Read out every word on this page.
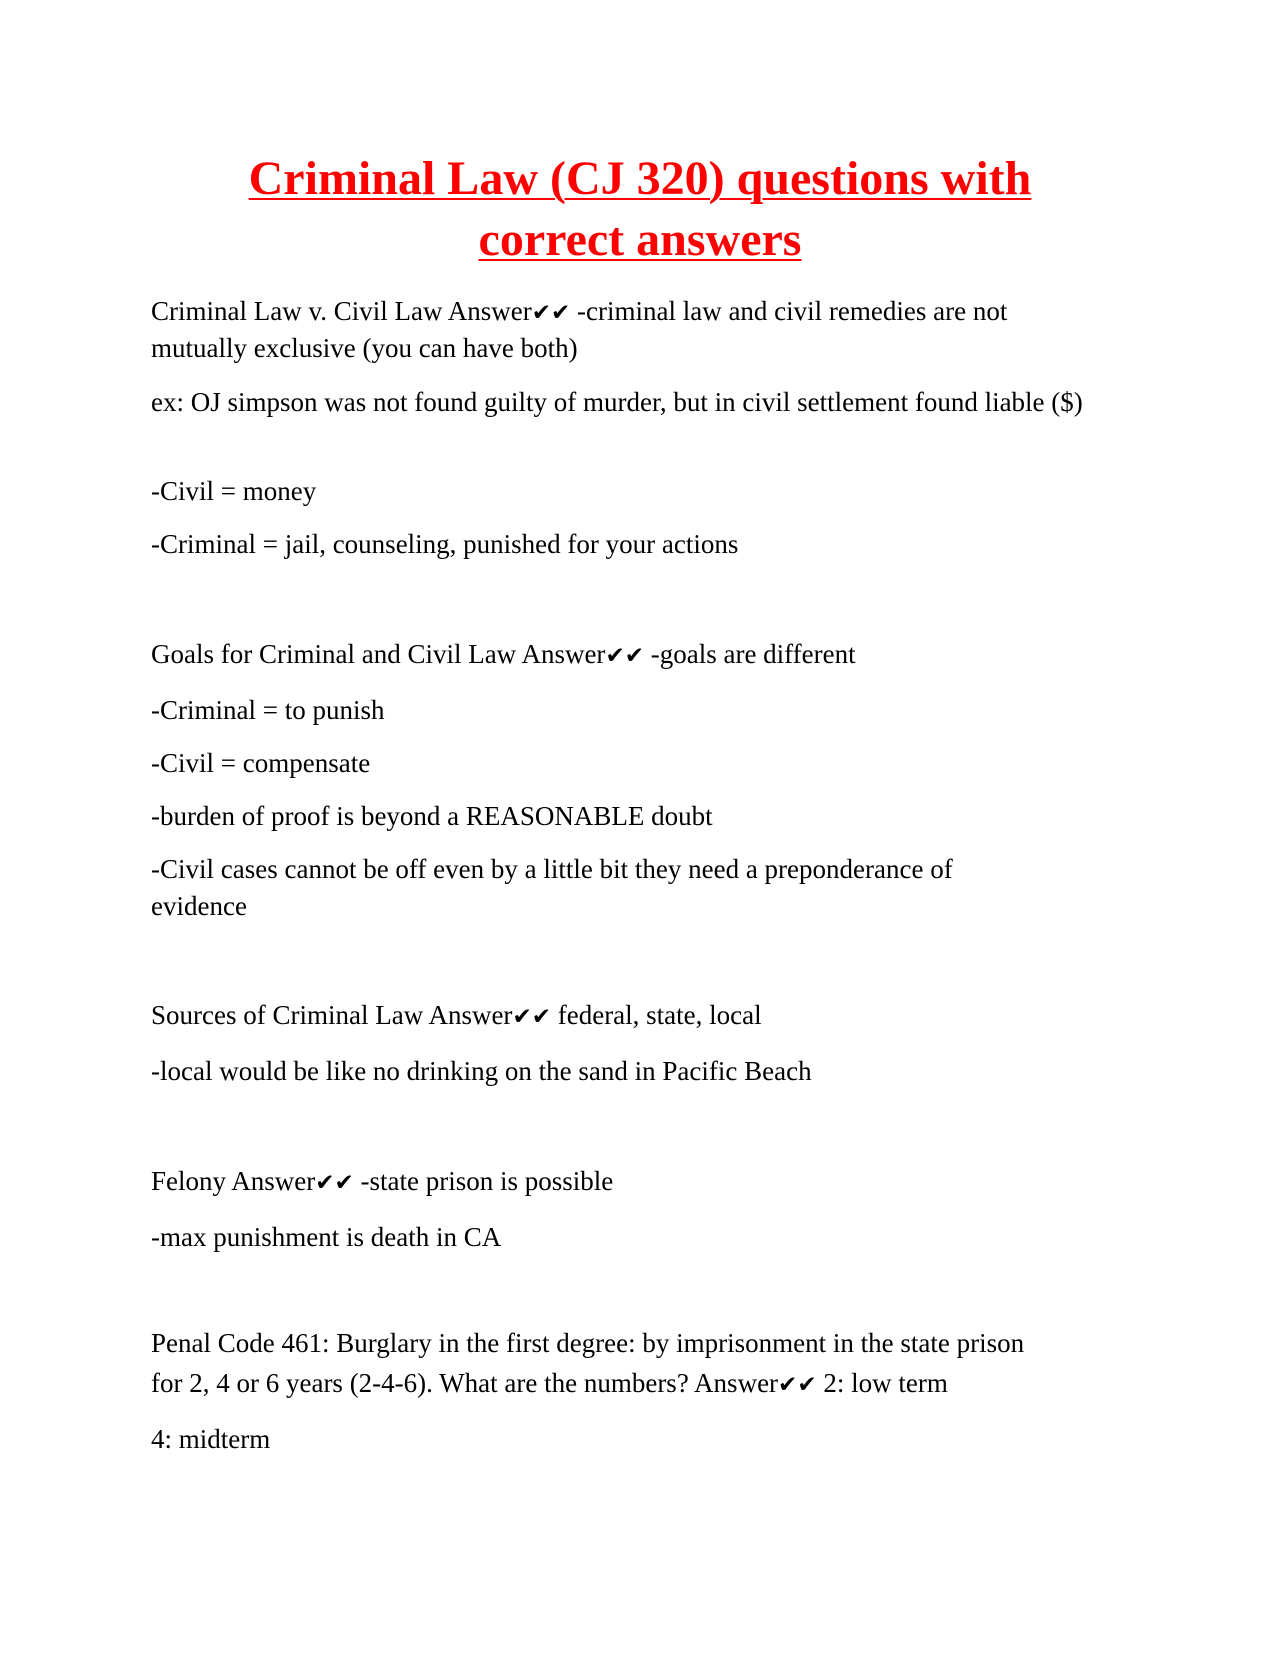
Criminal Law (CJ 320) questions with
correct answers

Criminal Law v. Civil Law Answer✔✔ -criminal law and civil remedies are not

mutually exclusive (you can have both)

ex: OJ simpson was not found guilty of murder, but in civil settlement found liable ($)

-Civil = money

-Criminal = jail, counseling, punished for your actions

Goals for Criminal and Civil Law Answer✔✔ -goals are different

-Criminal = to punish

-Civil = compensate

-burden of proof is beyond a REASONABLE doubt

-Civil cases cannot be off even by a little bit they need a preponderance of evidence

Sources of Criminal Law Answer✔✔ federal, state, local

-local would be like no drinking on the sand in Pacific Beach

Felony Answer✔✔ -state prison is possible

-max punishment is death in CA

Penal Code 461: Burglary in the first degree: by imprisonment in the state prison

for 2, 4 or 6 years (2-4-6). What are the numbers? Answer✔✔ 2: low term

4: midterm
